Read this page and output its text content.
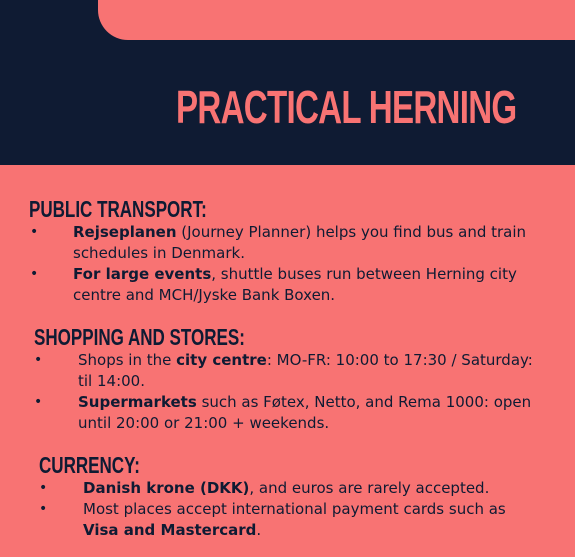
PRACTICAL HERNING
PUBLIC TRANSPORT:
• Rejseplanen (Journey Planner) helps you find bus and train schedules in Denmark.
• For large events, shuttle buses run between Herning city centre and MCH/Jyske Bank Boxen.
SHOPPING AND STORES:
• Shops in the city centre: MO-FR: 10:00 to 17:30 / Saturday: til 14:00.
• Supermarkets such as Føtex, Netto, and Rema 1000: open until 20:00 or 21:00 + weekends.
CURRENCY:
• Danish krone (DKK), and euros are rarely accepted.
• Most places accept international payment cards such as Visa and Mastercard.
